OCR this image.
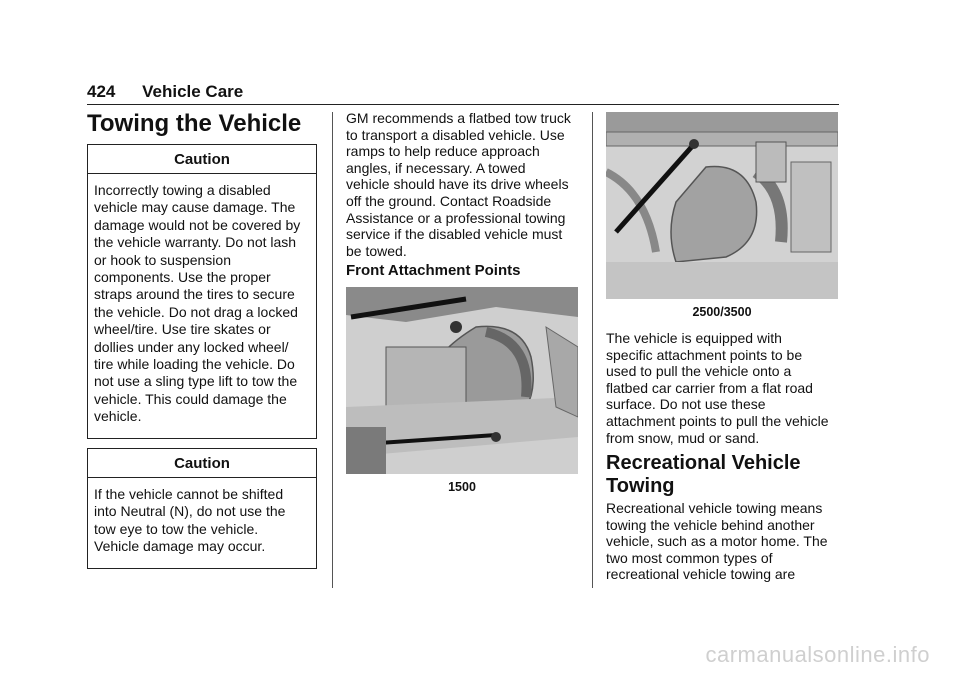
424 Vehicle Care
Towing the Vehicle
Caution
Incorrectly towing a disabled
vehicle may cause damage. The
damage would not be covered by
the vehicle warranty. Do not lash
or hook to suspension
components. Use the proper
straps around the tires to secure
the vehicle. Do not drag a locked
wheel/tire. Use tire skates or
dollies under any locked wheel/
tire while loading the vehicle. Do
not use a sling type lift to tow the
vehicle. This could damage the
vehicle.
Caution
If the vehicle cannot be shifted
into Neutral (N), do not use the
tow eye to tow the vehicle.
Vehicle damage may occur.
GM recommends a flatbed tow truck
to transport a disabled vehicle. Use
ramps to help reduce approach
angles, if necessary. A towed
vehicle should have its drive wheels
off the ground. Contact Roadside
Assistance or a professional towing
service if the disabled vehicle must
be towed.
Front Attachment Points
1500
2500/3500
The vehicle is equipped with
specific attachment points to be
used to pull the vehicle onto a
flatbed car carrier from a flat road
surface. Do not use these
attachment points to pull the vehicle
from snow, mud or sand.
Recreational Vehicle
Towing
Recreational vehicle towing means
towing the vehicle behind another
vehicle, such as a motor home. The
two most common types of
recreational vehicle towing are
carmanualsonline.info
